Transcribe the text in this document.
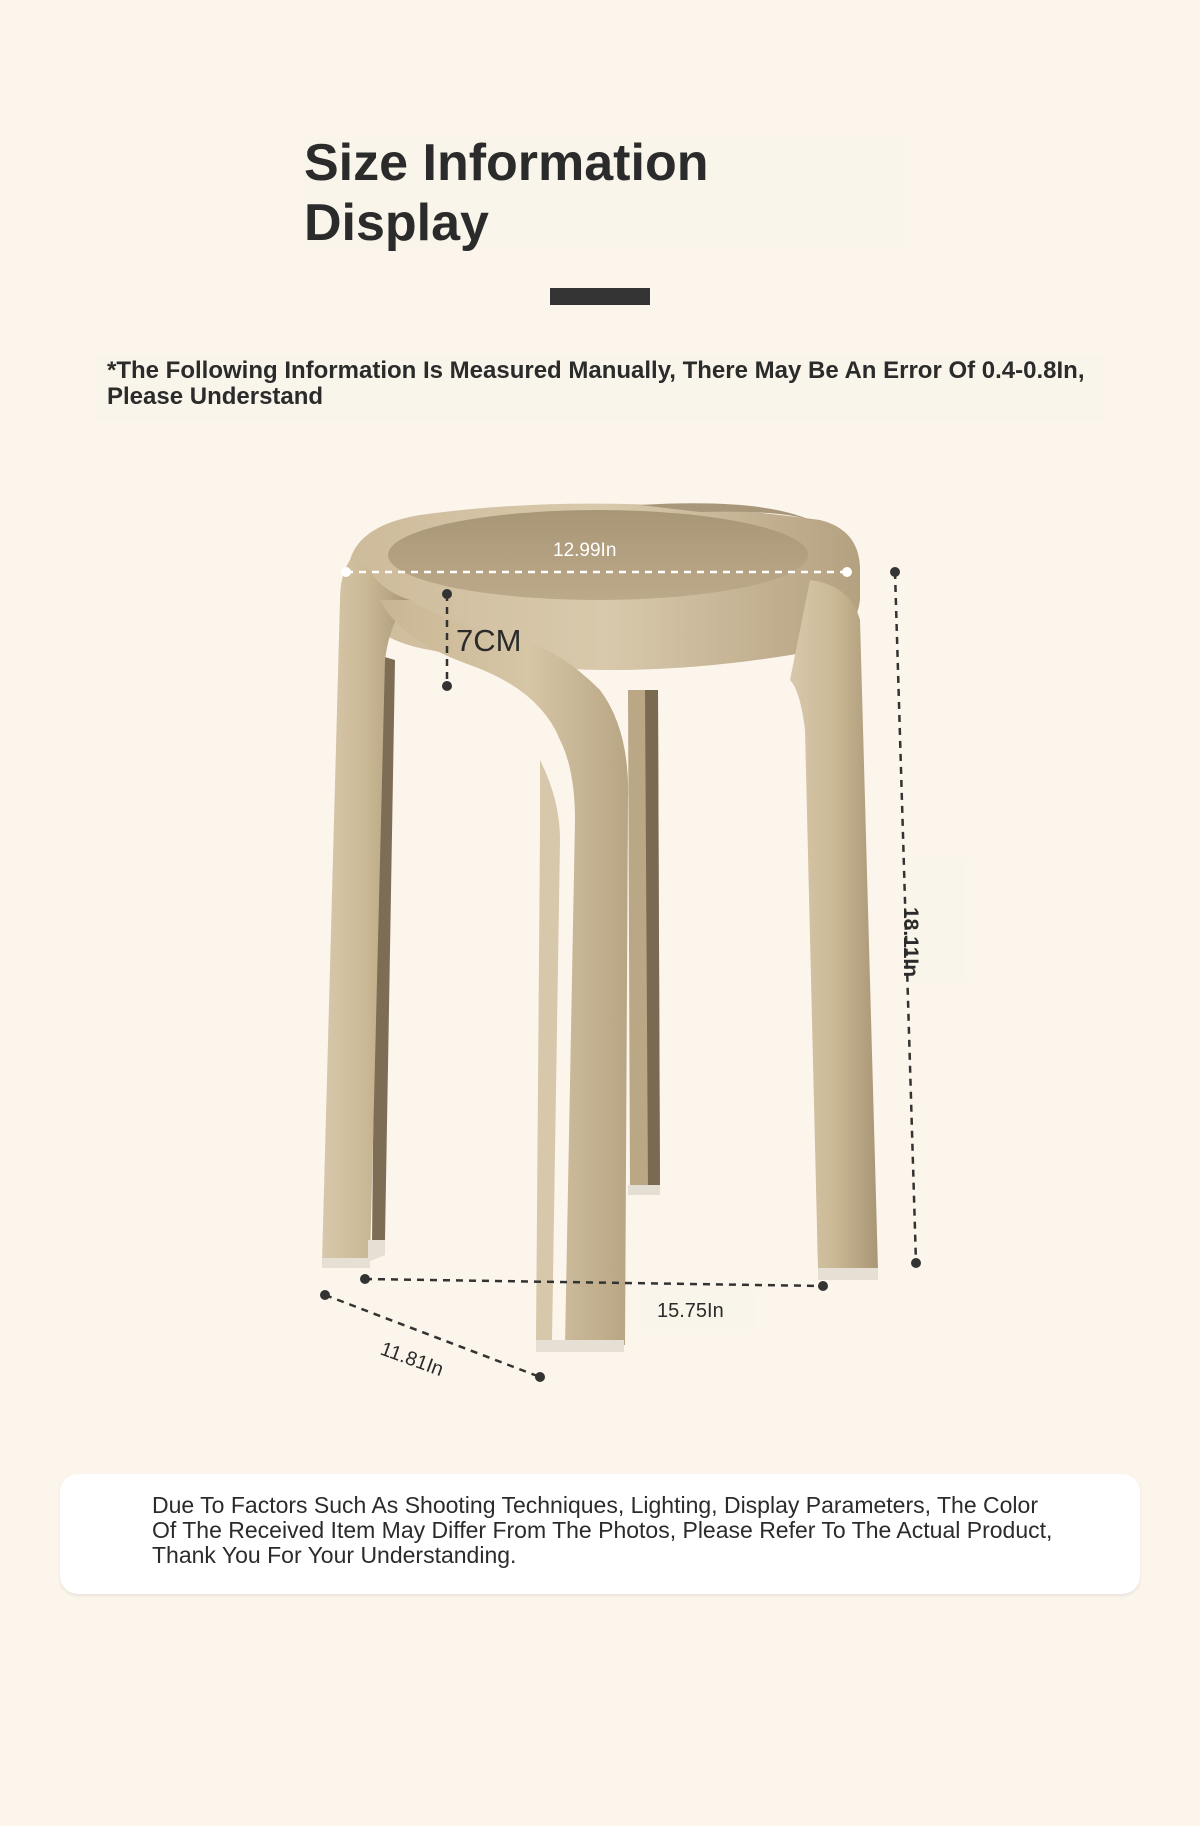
Size Information Display
*The Following Information Is Measured Manually, There May Be An Error Of 0.4-0.8In, Please Understand
12.99In
7CM
18.11In
15.75In
11.81In
Due To Factors Such As Shooting Techniques, Lighting, Display Parameters, The Color Of The Received Item May Differ From The Photos, Please Refer To The Actual Product, Thank You For Your Understanding.
